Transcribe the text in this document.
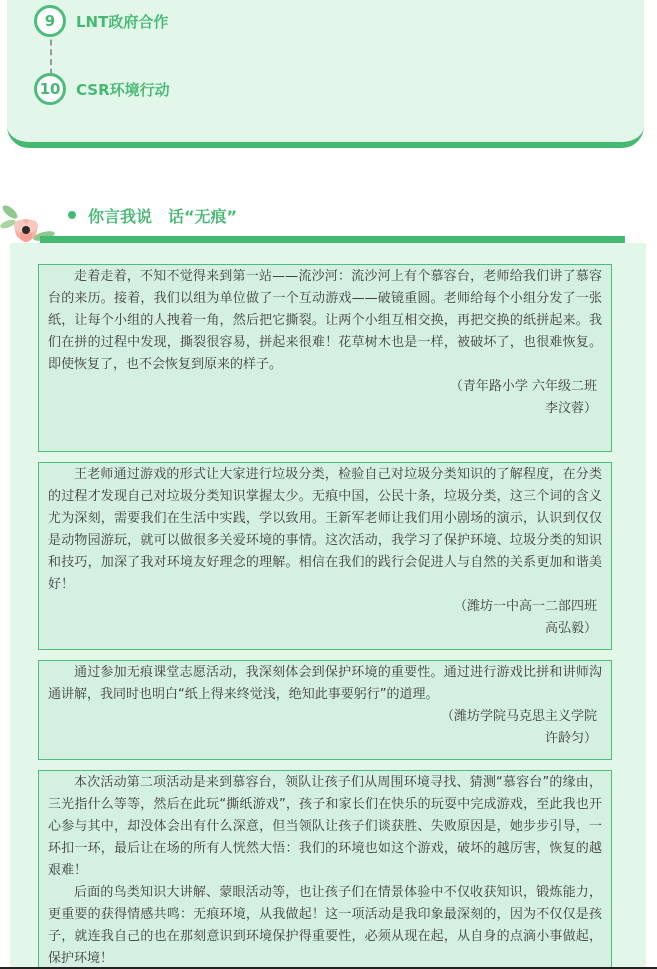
9	LNT政府合作
10	CSR环境行动
你言我说　话“无痕”

走着走着，不知不觉得来到第一站——流沙河：流沙河上有个慕容台，老师给我们讲了慕容台的来历。接着，我们以组为单位做了一个互动游戏——破镜重圆。老师给每个小组分发了一张纸，让每个小组的人拽着一角，然后把它撕裂。让两个小组互相交换，再把交换的纸拼起来。我们在拼的过程中发现，撕裂很容易，拼起来很难！花草树木也是一样，被破坏了，也很难恢复。即使恢复了，也不会恢复到原来的样子。

（青年路小学 六年级二班
李汶蓉）

王老师通过游戏的形式让大家进行垃圾分类，检验自己对垃圾分类知识的了解程度，在分类的过程才发现自己对垃圾分类知识掌握太少。无痕中国，公民十条，垃圾分类，这三个词的含义尤为深刻，需要我们在生活中实践，学以致用。王新军老师让我们用小剧场的演示，认识到仅仅是动物园游玩，就可以做很多关爱环境的事情。这次活动，我学习了保护环境、垃圾分类的知识和技巧，加深了我对环境友好理念的理解。相信在我们的践行会促进人与自然的关系更加和谐美好！

（潍坊一中高一二部四班
高弘毅）

通过参加无痕课堂志愿活动，我深刻体会到保护环境的重要性。通过进行游戏比拼和讲师沟通讲解，我同时也明白“纸上得来终觉浅，绝知此事要躬行”的道理。

（潍坊学院马克思主义学院
许龄匀）

本次活动第二项活动是来到慕容台，领队让孩子们从周围环境寻找、猜测“慕容台”的缘由，三光指什么等等，然后在此玩“撕纸游戏”，孩子和家长们在快乐的玩耍中完成游戏，至此我也开心参与其中，却没体会出有什么深意，但当领队让孩子们谈获胜、失败原因是，她步步引导，一环扣一环，最后让在场的所有人恍然大悟：我们的环境也如这个游戏，破坏的越厉害，恢复的越艰难！

后面的鸟类知识大讲解、蒙眼活动等，也让孩子们在情景体验中不仅收获知识，锻炼能力，更重要的获得情感共鸣：无痕环境，从我做起！这一项活动是我印象最深刻的，因为不仅仅是孩子，就连我自己的也在那刻意识到环境保护得重要性，必须从现在起，从自身的点滴小事做起，保护环境！
